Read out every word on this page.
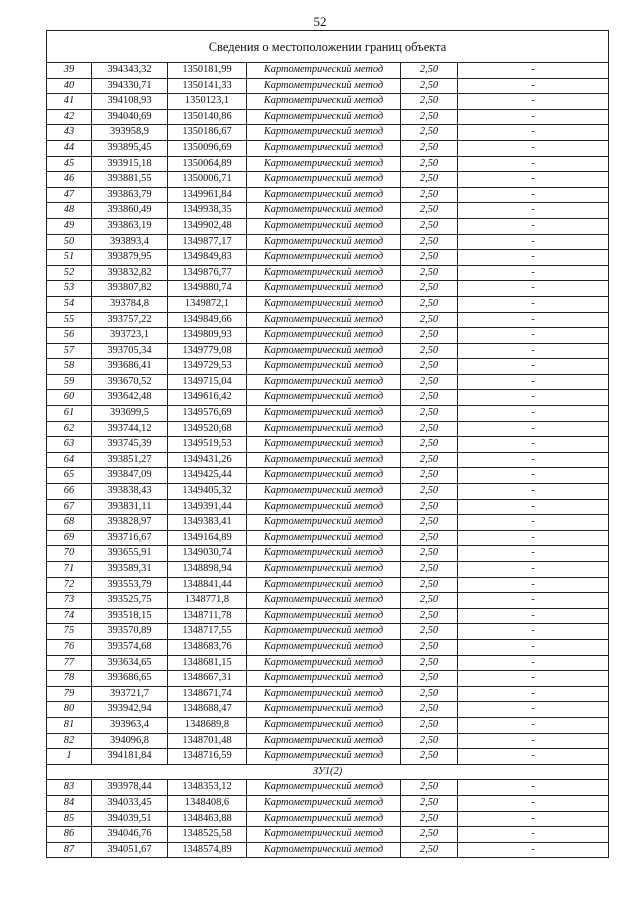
52
Сведения о местоположении границ объекта					
39	394343,32	1350181,99	Картометрический метод	2,50	-
40	394330,71	1350141,33	Картометрический метод	2,50	-
41	394108,93	1350123,1	Картометрический метод	2,50	-
42	394040,69	1350140,86	Картометрический метод	2,50	-
43	393958,9	1350186,67	Картометрический метод	2,50	-
44	393895,45	1350096,69	Картометрический метод	2,50	-
45	393915,18	1350064,89	Картометрический метод	2,50	-
46	393881,55	1350006,71	Картометрический метод	2,50	-
47	393863,79	1349961,84	Картометрический метод	2,50	-
48	393860,49	1349938,35	Картометрический метод	2,50	-
49	393863,19	1349902,48	Картометрический метод	2,50	-
50	393893,4	1349877,17	Картометрический метод	2,50	-
51	393879,95	1349849,83	Картометрический метод	2,50	-
52	393832,82	1349876,77	Картометрический метод	2,50	-
53	393807,82	1349880,74	Картометрический метод	2,50	-
54	393784,8	1349872,1	Картометрический метод	2,50	-
55	393757,22	1349849,66	Картометрический метод	2,50	-
56	393723,1	1349809,93	Картометрический метод	2,50	-
57	393705,34	1349779,08	Картометрический метод	2,50	-
58	393686,41	1349729,53	Картометрический метод	2,50	-
59	393670,52	1349715,04	Картометрический метод	2,50	-
60	393642,48	1349616,42	Картометрический метод	2,50	-
61	393699,5	1349576,69	Картометрический метод	2,50	-
62	393744,12	1349520,68	Картометрический метод	2,50	-
63	393745,39	1349519,53	Картометрический метод	2,50	-
64	393851,27	1349431,26	Картометрический метод	2,50	-
65	393847,09	1349425,44	Картометрический метод	2,50	-
66	393838,43	1349405,32	Картометрический метод	2,50	-
67	393831,11	1349391,44	Картометрический метод	2,50	-
68	393828,97	1349383,41	Картометрический метод	2,50	-
69	393716,67	1349164,89	Картометрический метод	2,50	-
70	393655,91	1349030,74	Картометрический метод	2,50	-
71	393589,31	1348898,94	Картометрический метод	2,50	-
72	393553,79	1348841,44	Картометрический метод	2,50	-
73	393525,75	1348771,8	Картометрический метод	2,50	-
74	393518,15	1348711,78	Картометрический метод	2,50	-
75	393570,89	1348717,55	Картометрический метод	2,50	-
76	393574,68	1348683,76	Картометрический метод	2,50	-
77	393634,65	1348681,15	Картометрический метод	2,50	-
78	393686,65	1348667,31	Картометрический метод	2,50	-
79	393721,7	1348671,74	Картометрический метод	2,50	-
80	393942,94	1348688,47	Картометрический метод	2,50	-
81	393963,4	1348689,8	Картометрический метод	2,50	-
82	394096,8	1348701,48	Картометрический метод	2,50	-
1	394181,84	1348716,59	Картометрический метод	2,50	-
ЗУ1(2)					
83	393978,44	1348353,12	Картометрический метод	2,50	-
84	394033,45	1348408,6	Картометрический метод	2,50	-
85	394039,51	1348463,88	Картометрический метод	2,50	-
86	394046,76	1348525,58	Картометрический метод	2,50	-
87	394051,67	1348574,89	Картометрический метод	2,50	-
